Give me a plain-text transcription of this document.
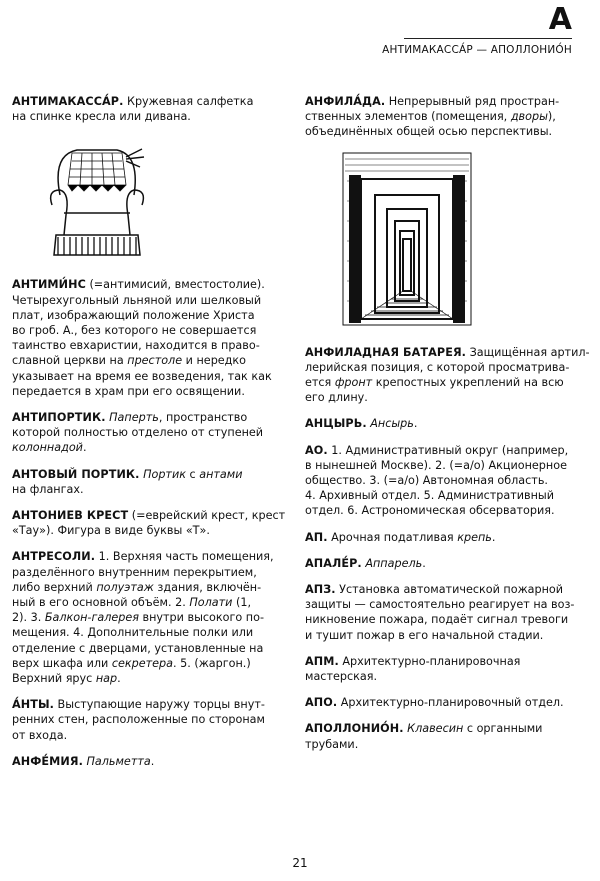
А
АНТИМАКАССА́Р — АПОЛЛОНИО́Н
АНТИМАКАССА́Р. Кружевная салфетка
на спинке кресла или дивана.
АНТИМИ́НС (=антимисий, вместостолие).
Четырехугольный льняной или шелковый
плат, изображающий положение Христа
во гроб. А., без которого не совершается
таинство евхаристии, находится в право-
славной церкви на престоле и нередко
указывает на время ее возведения, так как
передается в храм при его освящении.
АНТИПОРТИК. Паперть, пространство
которой полностью отделено от ступеней
колоннадой.
АНТОВЫЙ ПОРТИК. Портик с антами
на флангах.
АНТОНИЕВ КРЕСТ (=еврейский крест, крест
«Тау»). Фигура в виде буквы «Т».
АНТРЕСОЛИ. 1. Верхняя часть помещения,
разделённого внутренним перекрытием,
либо верхний полуэтаж здания, включён-
ный в его основной объём. 2. Полати (1,
2). 3. Балкон-галерея внутри высокого по-
мещения. 4. Дополнительные полки или
отделение с дверцами, установленные на
верх шкафа или секретера. 5. (жаргон.)
Верхний ярус нар.
А́НТЫ. Выступающие наружу торцы внут-
ренних стен, расположенные по сторонам
от входа.
АНФЕ́МИЯ. Пальметта.
АНФИЛА́ДА. Непрерывный ряд простран-
ственных элементов (помещения, дворы),
объединённых общей осью перспективы.
АНФИЛАДНАЯ БАТАРЕЯ. Защищённая артил-
лерийская позиция, с которой просматрива-
ется фронт крепостных укреплений на всю
его длину.
АНЦЫРЬ. Ансырь.
АО. 1. Административный округ (например,
в нынешней Москве). 2. (=а/о) Акционерное
общество. 3. (=а/о) Автономная область.
4. Архивный отдел. 5. Административный
отдел. 6. Астрономическая обсерватория.
АП. Арочная податливая крепь.
АПАЛЕ́Р. Аппарель.
АПЗ. Установка автоматической пожарной
защиты — самостоятельно реагирует на воз-
никновение пожара, подаёт сигнал тревоги
и тушит пожар в его начальной стадии.
АПМ. Архитектурно-планировочная
мастерская.
АПО. Архитектурно-планировочный отдел.
АПОЛЛОНИО́Н. Клавесин с органными
трубами.
21
